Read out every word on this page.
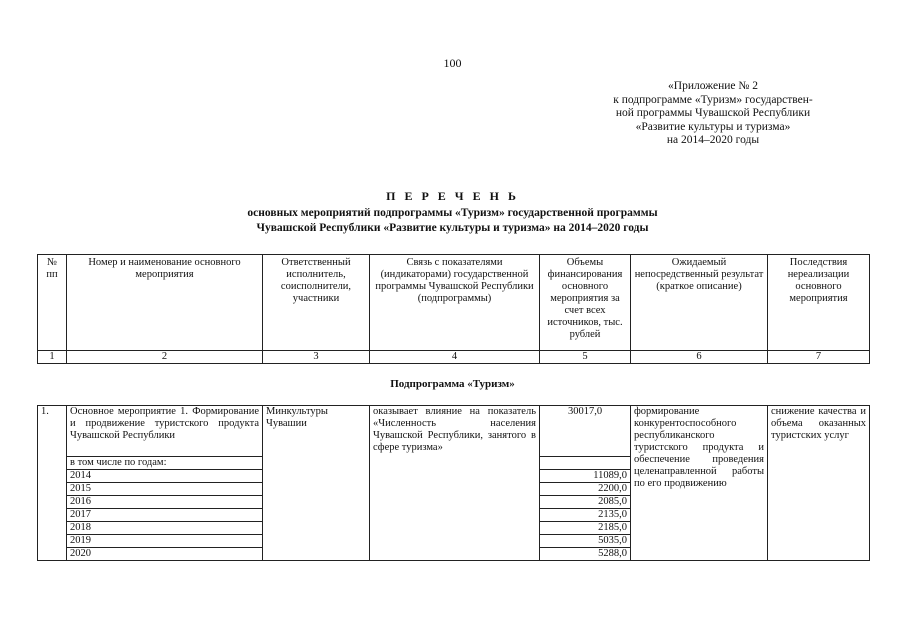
100
«Приложение № 2
к подпрограмме «Туризм» государствен-
ной программы Чувашской Республики
«Развитие культуры и туризма»
на 2014–2020 годы
П Е Р Е Ч Е Н Ь
основных мероприятий подпрограммы «Туризм» государственной программы
Чувашской Республики «Развитие культуры и туризма» на 2014–2020 годы
№ пп	Номер и наименование основного мероприятия	Ответственный исполнитель, соисполнители, участники	Связь с показателями (индикаторами) государственной программы Чувашской Республики (подпрограммы)	Объемы финансирования основного мероприятия за счет всех источников, тыс. рублей	Ожидаемый непосредственный результат (краткое описание)	Последствия нереализации основного мероприятия
1	2	3	4	5	6	7
Подпрограмма «Туризм»
1.	Основное мероприятие 1. Формирование и продвижение туристского продукта Чувашской Республики	Минкультуры Чувашии	оказывает влияние на показатель «Численность населения Чувашской Республики, занятого в сфере туризма»	30017,0	формирование конкурентоспособного республиканского туристского продукта и обеспечение проведения целенаправленной работы по его продвижению	снижение качества и объема оказанных туристских услуг
	в том числе по годам:					
	2014			11089,0		
	2015			2200,0		
	2016			2085,0		
	2017			2135,0		
	2018			2185,0		
	2019			5035,0		
	2020			5288,0		
